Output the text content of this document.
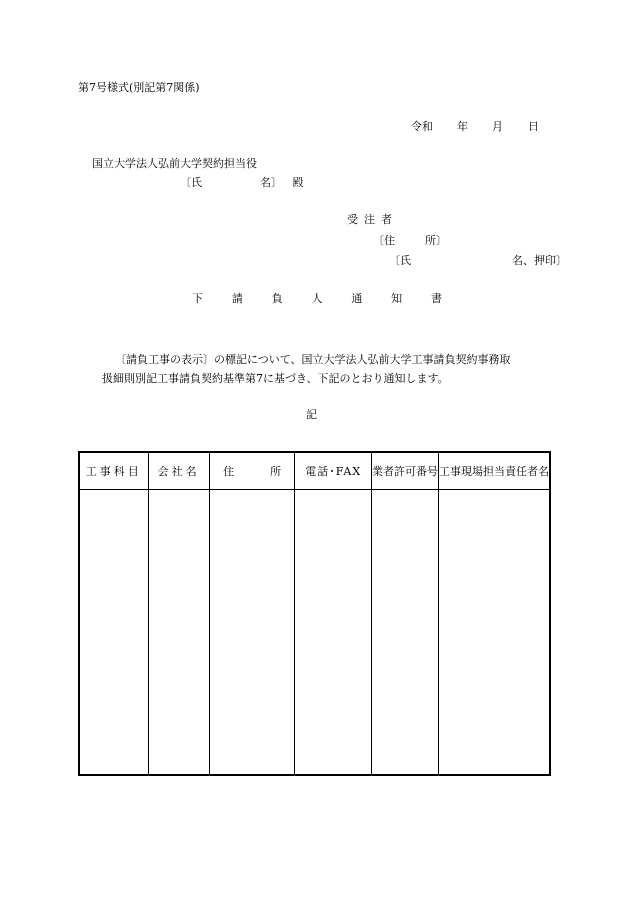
第7号様式(別記第7関係)
令和 年 月 日
国立大学法人弘前大学契約担当役
〔氏	名〕 殿
受注者
〔住	所〕
〔氏	名、押印〕
下	請	負	人	通	知	書

〔請負工事の表示〕の標記について、国立大学法人弘前大学工事請負契約事務取

扱細則別記工事請負契約基準第7に基づき、下記のとおり通知します。

記
工事科目	会社名	住 所	電話･FAX	業者許可番号	工事現場担当責任者名
